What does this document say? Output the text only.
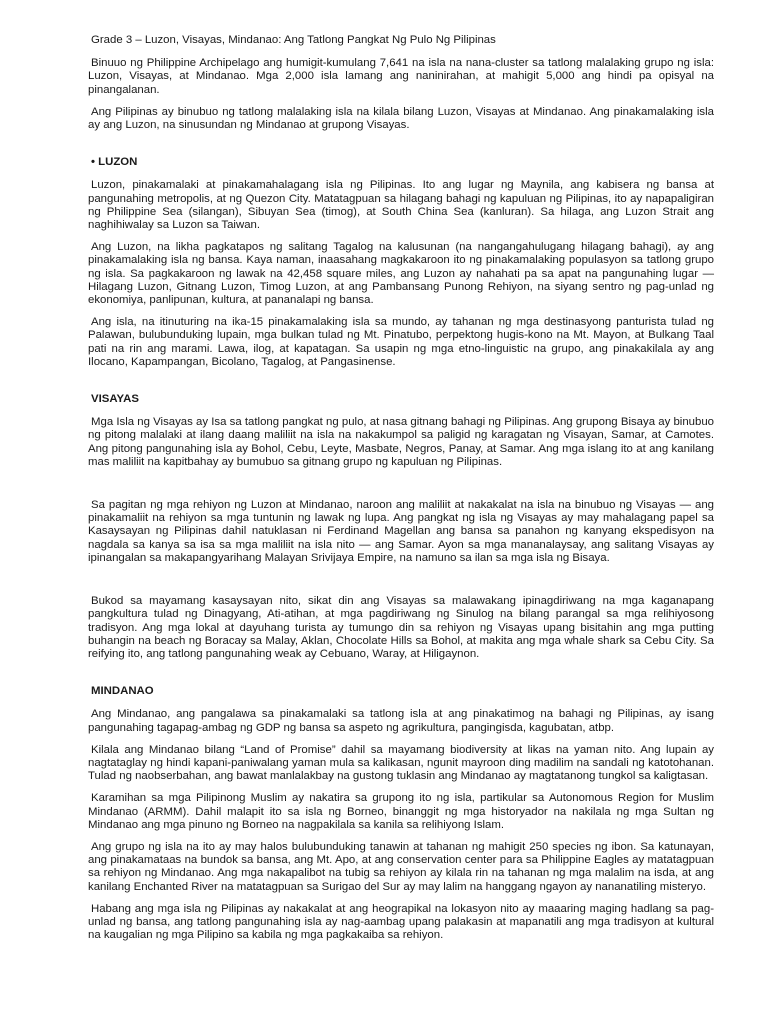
Grade 3 – Luzon, Visayas, Mindanao: Ang Tatlong Pangkat Ng Pulo Ng Pilipinas

Binuuo ng Philippine Archipelago ang humigit-kumulang 7,641 na isla na nana-cluster sa tatlong malalaking grupo ng isla: Luzon, Visayas, at Mindanao. Mga 2,000 isla lamang ang naninirahan, at mahigit 5,000 ang hindi pa opisyal na pinangalanan.

Ang Pilipinas ay binubuo ng tatlong malalaking isla na kilala bilang Luzon, Visayas at Mindanao. Ang pinakamalaking isla ay ang Luzon, na sinusundan ng Mindanao at grupong Visayas.

• LUZON

Luzon, pinakamalaki at pinakamahalagang isla ng Pilipinas. Ito ang lugar ng Maynila, ang kabisera ng bansa at pangunahing metropolis, at ng Quezon City. Matatagpuan sa hilagang bahagi ng kapuluan ng Pilipinas, ito ay napapaligiran ng Philippine Sea (silangan), Sibuyan Sea (timog), at South China Sea (kanluran). Sa hilaga, ang Luzon Strait ang naghihiwalay sa Luzon sa Taiwan.

Ang Luzon, na likha pagkatapos ng salitang Tagalog na kalusunan (na nangangahulugang hilagang bahagi), ay ang pinakamalaking isla ng bansa. Kaya naman, inaasahang magkakaroon ito ng pinakamalaking populasyon sa tatlong grupo ng isla. Sa pagkakaroon ng lawak na 42,458 square miles, ang Luzon ay nahahati pa sa apat na pangunahing lugar — Hilagang Luzon, Gitnang Luzon, Timog Luzon, at ang Pambansang Punong Rehiyon, na siyang sentro ng pag-unlad ng ekonomiya, panlipunan, kultura, at pananalapi ng bansa.

Ang isla, na itinuturing na ika-15 pinakamalaking isla sa mundo, ay tahanan ng mga destinasyong panturista tulad ng Palawan, bulubunduking lupain, mga bulkan tulad ng Mt. Pinatubo, perpektong hugis-kono na Mt. Mayon, at Bulkang Taal pati na rin ang marami. Lawa, ilog, at kapatagan. Sa usapin ng mga etno-linguistic na grupo, ang pinakakilala ay ang Ilocano, Kapampangan, Bicolano, Tagalog, at Pangasinense.

VISAYAS

Mga Isla ng Visayas ay Isa sa tatlong pangkat ng pulo, at nasa gitnang bahagi ng Pilipinas. Ang grupong Bisaya ay binubuo ng pitong malalaki at ilang daang maliliit na isla na nakakumpol sa paligid ng karagatan ng Visayan, Samar, at Camotes. Ang pitong pangunahing isla ay Bohol, Cebu, Leyte, Masbate, Negros, Panay, at Samar. Ang mga islang ito at ang kanilang mas maliliit na kapitbahay ay bumubuo sa gitnang grupo ng kapuluan ng Pilipinas.

Sa pagitan ng mga rehiyon ng Luzon at Mindanao, naroon ang maliliit at nakakalat na isla na binubuo ng Visayas — ang pinakamaliit na rehiyon sa mga tuntunin ng lawak ng lupa. Ang pangkat ng isla ng Visayas ay may mahalagang papel sa Kasaysayan ng Pilipinas dahil natuklasan ni Ferdinand Magellan ang bansa sa panahon ng kanyang ekspedisyon na nagdala sa kanya sa isa sa mga maliliit na isla nito — ang Samar. Ayon sa mga mananalaysay, ang salitang Visayas ay ipinangalan sa makapangyarihang Malayan Srivijaya Empire, na namuno sa ilan sa mga isla ng Bisaya.

Bukod sa mayamang kasaysayan nito, sikat din ang Visayas sa malawakang ipinagdiriwang na mga kaganapang pangkultura tulad ng Dinagyang, Ati-atihan, at mga pagdiriwang ng Sinulog na bilang parangal sa mga relihiyosong tradisyon. Ang mga lokal at dayuhang turista ay tumungo din sa rehiyon ng Visayas upang bisitahin ang mga putting buhangin na beach ng Boracay sa Malay, Aklan, Chocolate Hills sa Bohol, at makita ang mga whale shark sa Cebu City. Sa reifying ito, ang tatlong pangunahing weak ay Cebuano, Waray, at Hiligaynon.

MINDANAO

Ang Mindanao, ang pangalawa sa pinakamalaki sa tatlong isla at ang pinakatimog na bahagi ng Pilipinas, ay isang pangunahing tagapag-ambag ng GDP ng bansa sa aspeto ng agrikultura, pangingisda, kagubatan, atbp.

Kilala ang Mindanao bilang “Land of Promise” dahil sa mayamang biodiversity at likas na yaman nito. Ang lupain ay nagtataglay ng hindi kapani-paniwalang yaman mula sa kalikasan, ngunit mayroon ding madilim na sandali ng katotohanan. Tulad ng naobserbahan, ang bawat manlalakbay na gustong tuklasin ang Mindanao ay magtatanong tungkol sa kaligtasan.

Karamihan sa mga Pilipinong Muslim ay nakatira sa grupong ito ng isla, partikular sa Autonomous Region for Muslim Mindanao (ARMM). Dahil malapit ito sa isla ng Borneo, binanggit ng mga historyador na nakilala ng mga Sultan ng Mindanao ang mga pinuno ng Borneo na nagpakilala sa kanila sa relihiyong Islam.

Ang grupo ng isla na ito ay may halos bulubunduking tanawin at tahanan ng mahigit 250 species ng ibon. Sa katunayan, ang pinakamataas na bundok sa bansa, ang Mt. Apo, at ang conservation center para sa Philippine Eagles ay matatagpuan sa rehiyon ng Mindanao. Ang mga nakapalibot na tubig sa rehiyon ay kilala rin na tahanan ng mga malalim na isda, at ang kanilang Enchanted River na matatagpuan sa Surigao del Sur ay may lalim na hanggang ngayon ay nananatiling misteryo.

Habang ang mga isla ng Pilipinas ay nakakalat at ang heograpikal na lokasyon nito ay maaaring maging hadlang sa pag-unlad ng bansa, ang tatlong pangunahing isla ay nag-aambag upang palakasin at mapanatili ang mga tradisyon at kultural na kaugalian ng mga Pilipino sa kabila ng mga pagkakaiba sa rehiyon.
